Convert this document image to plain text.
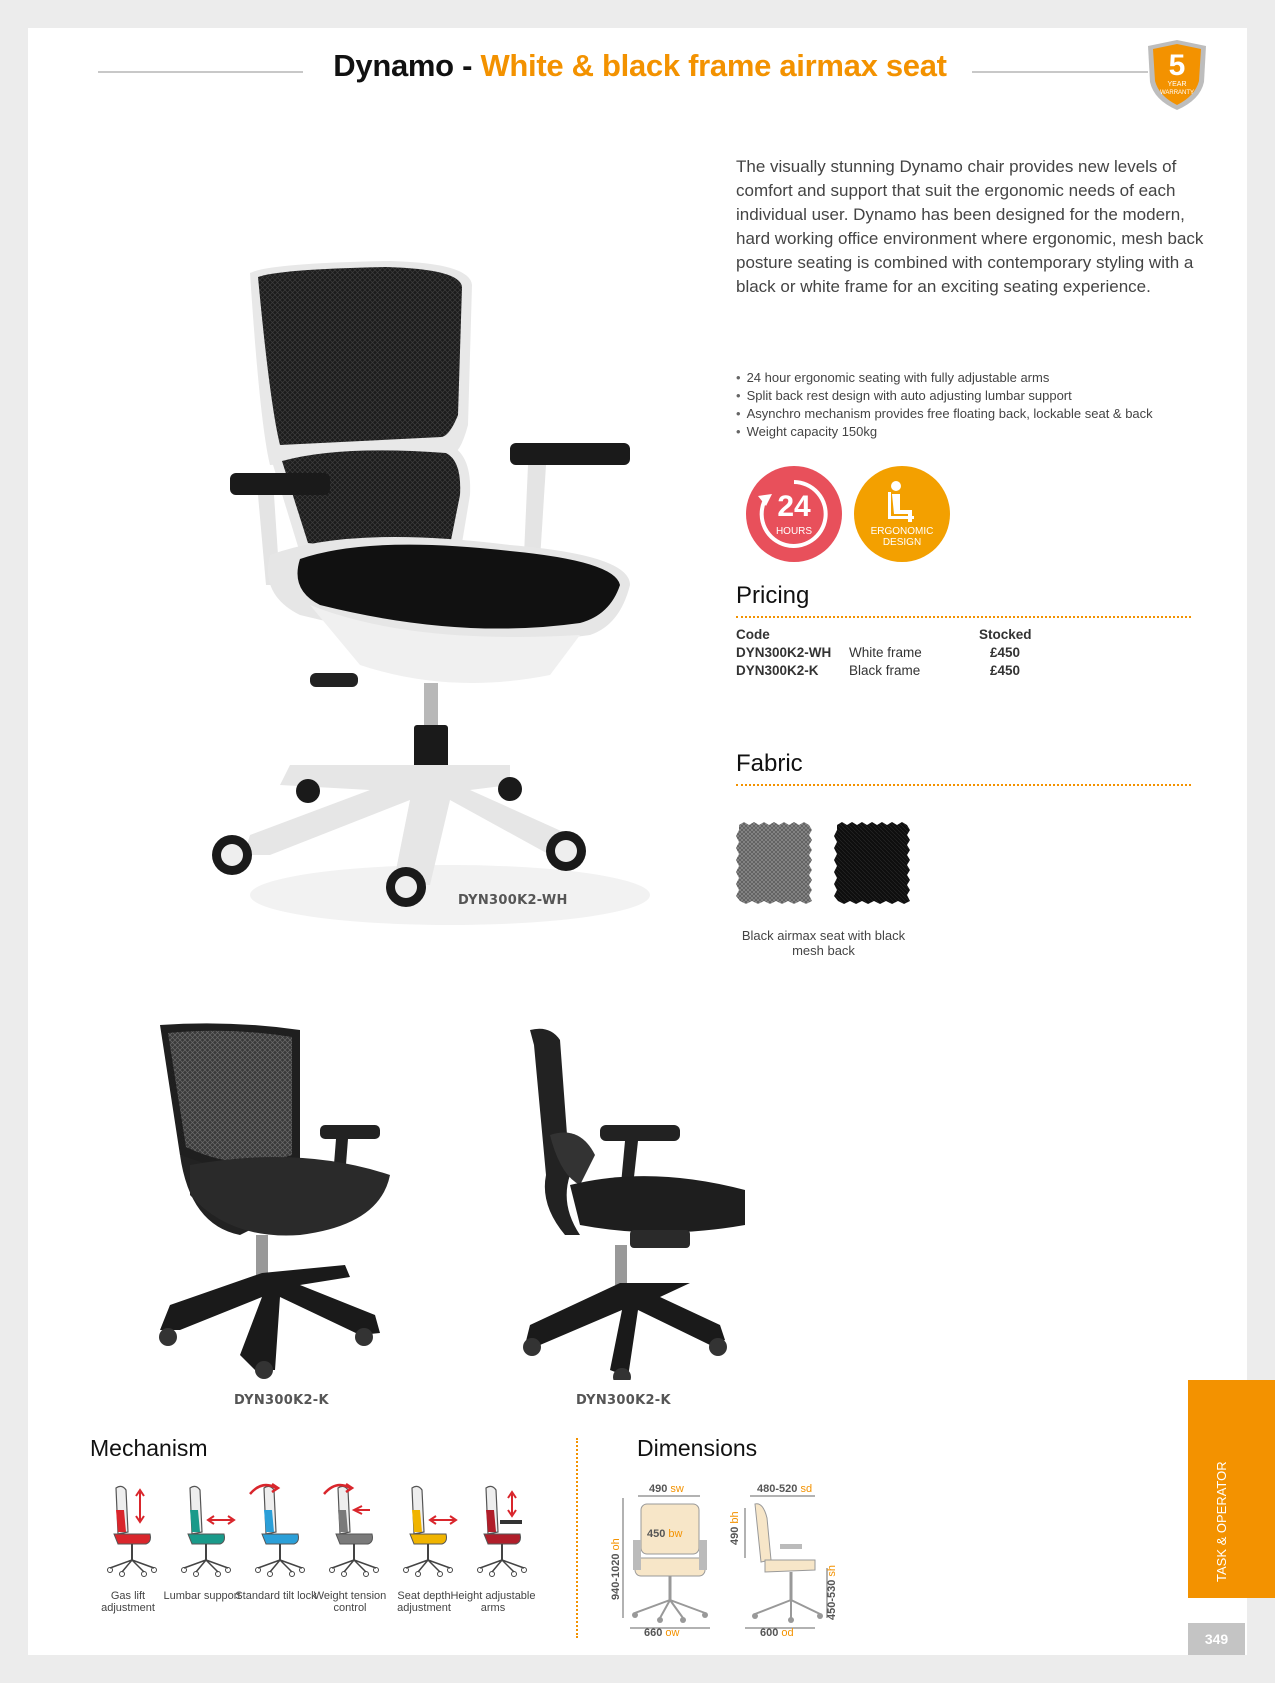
Dynamo - White & black frame airmax seat	5
YEAR
WARRANTY

The visually stunning Dynamo chair provides new levels of comfort and support that suit the ergonomic needs of each individual user. Dynamo has been designed for the modern, hard working office environment where ergonomic, mesh back posture seating is combined with contemporary styling with a black or white frame for an exciting seating experience.

• 24 hour ergonomic seating with fully adjustable arms
• Split back rest design with auto adjusting lumbar support
• Asynchro mechanism provides free floating back, lockable seat & back
• Weight capacity 150kg
24
HOURS	ERGONOMIC
DESIGN
Pricing
Code		Stocked
DYN300K2-WH	White frame	£450
DYN300K2-K	Black frame	£450
Fabric
Black airmax seat with black mesh back
DYN300K2-WH
DYN300K2-K	DYN300K2-K
Mechanism
Gas lift adjustment
Lumbar support
Standard tilt lock
Weight tension control
Seat depth adjustment
Height adjustable arms
Dimensions
490 sw
450 bw
660 ow
480-520 sd
600 od
940-1020 oh	490 bh
450-530 sh	TASK & OPERATOR
349
